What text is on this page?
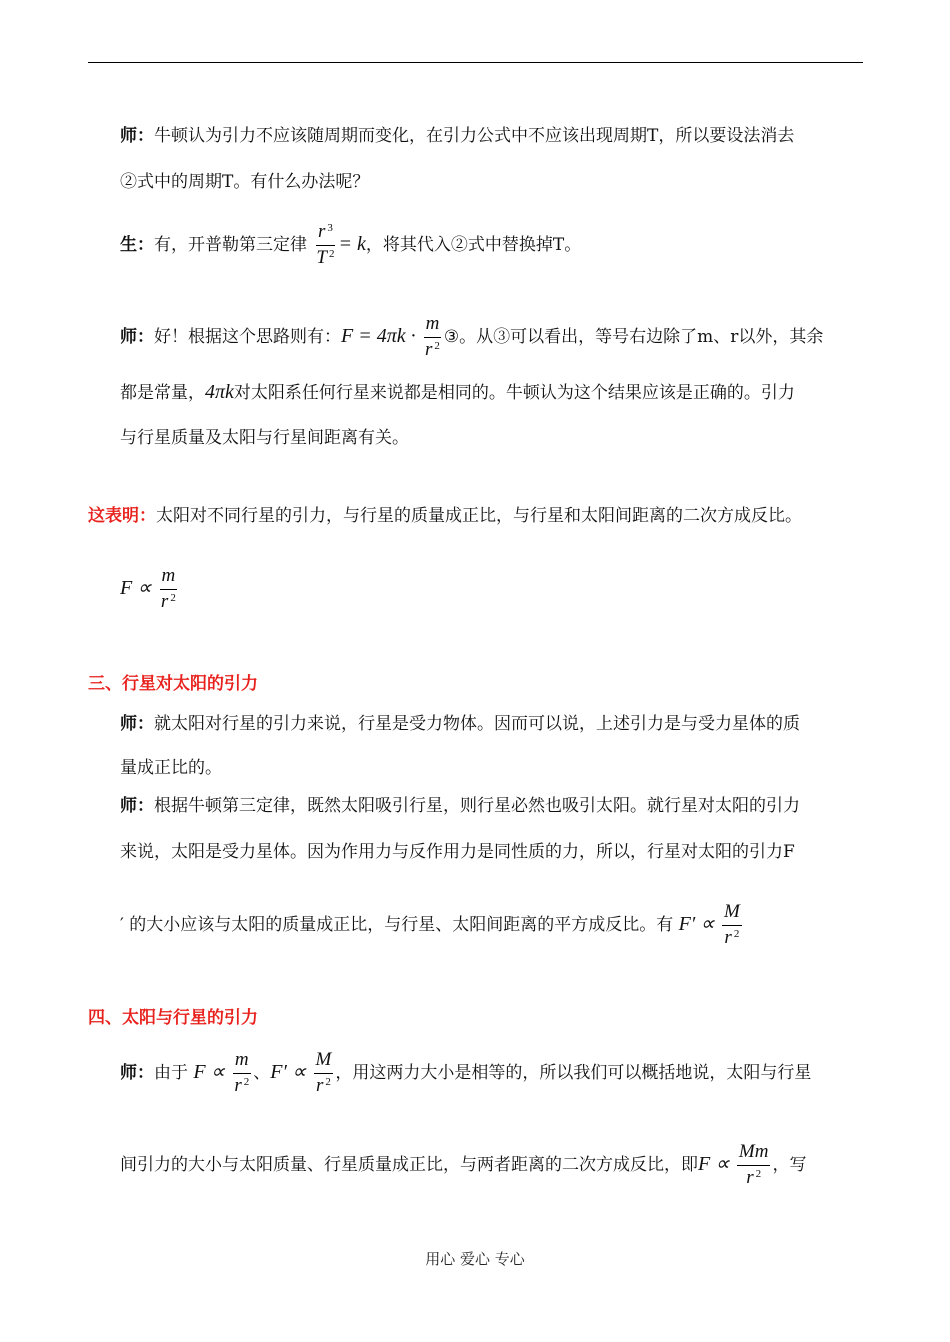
师：牛顿认为引力不应该随周期而变化，在引力公式中不应该出现周期T，所以要设法消去
②式中的周期T。有什么办法呢？
生：有，开普勒第三定律 $\frac{r ^3}{T ^2} = k$，将其代入②式中替换掉T。
师：好！根据这个思路则有：$F = 4\pi k \cdot \frac{m}{r ^2}$ ③。从③可以看出，等号右边除了m、r以外，其余
都是常量，4πk对太阳系任何行星来说都是相同的。牛顿认为这个结果应该是正确的。引力
与行星质量及太阳与行星间距离有关。
这表明：太阳对不同行星的引力，与行星的质量成正比，与行星和太阳间距离的二次方成反比。
$F \propto \frac{m}{r ^2}$
三、行星对太阳的引力
师：就太阳对行星的引力来说，行星是受力物体。因而可以说，上述引力是与受力星体的质
量成正比的。
师：根据牛顿第三定律，既然太阳吸引行星，则行星必然也吸引太阳。就行星对太阳的引力
来说，太阳是受力星体。因为作用力与反作用力是同性质的力，所以，行星对太阳的引力F
′ 的大小应该与太阳的质量成正比，与行星、太阳间距离的平方成反比。有 $F' \propto \frac{M}{r ^2}$
四、太阳与行星的引力
师：由于 $F \propto \frac{m}{r ^2}$ 、$F' \propto \frac{M}{r ^2}$ ，用这两力大小是相等的，所以我们可以概括地说，太阳与行星
间引力的大小与太阳质量、行星质量成正比，与两者距离的二次方成反比，即$F \propto \frac{Mm}{r ^2}$ ，写
用心 爱心 专心
